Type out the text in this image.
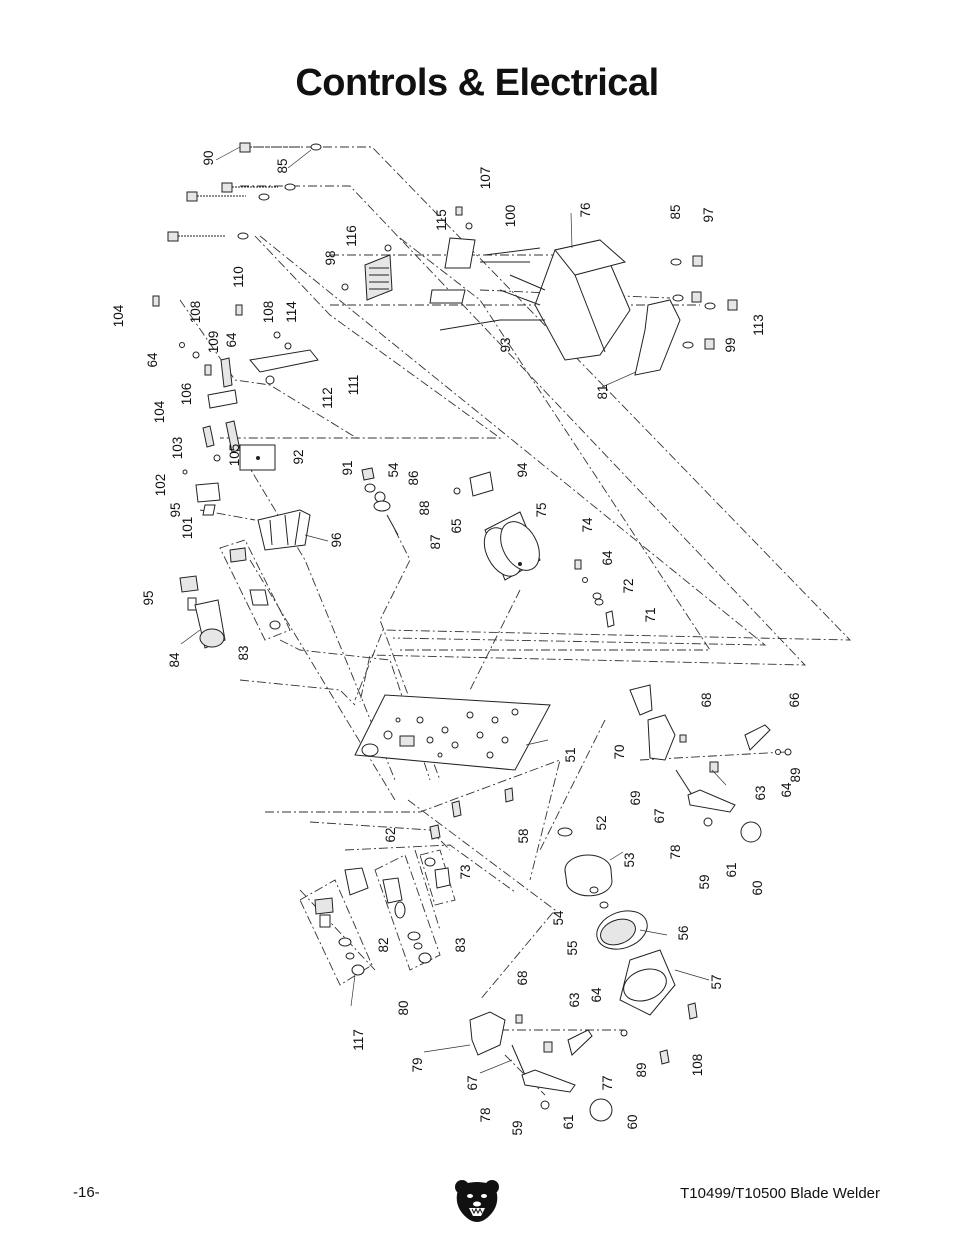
Controls & Electrical
90
85
107
115	100	76	85 97
116
98
110
104	108	108 114
64
109 64	93	99
113
81
111
106	112
104
103	105	92
91 54
86
94
102
88
95
101	65
75
96	87
74
64
72
95
71
83
84
66
68
70
51
69
89
64
63
67
58
52
62
73
78
59
61
60
53
83
82
54
55
56
57
80
117
68
63 64
108
89
79
67	77
78
59	61	60
-16-	T10499/T10500 Blade Welder
